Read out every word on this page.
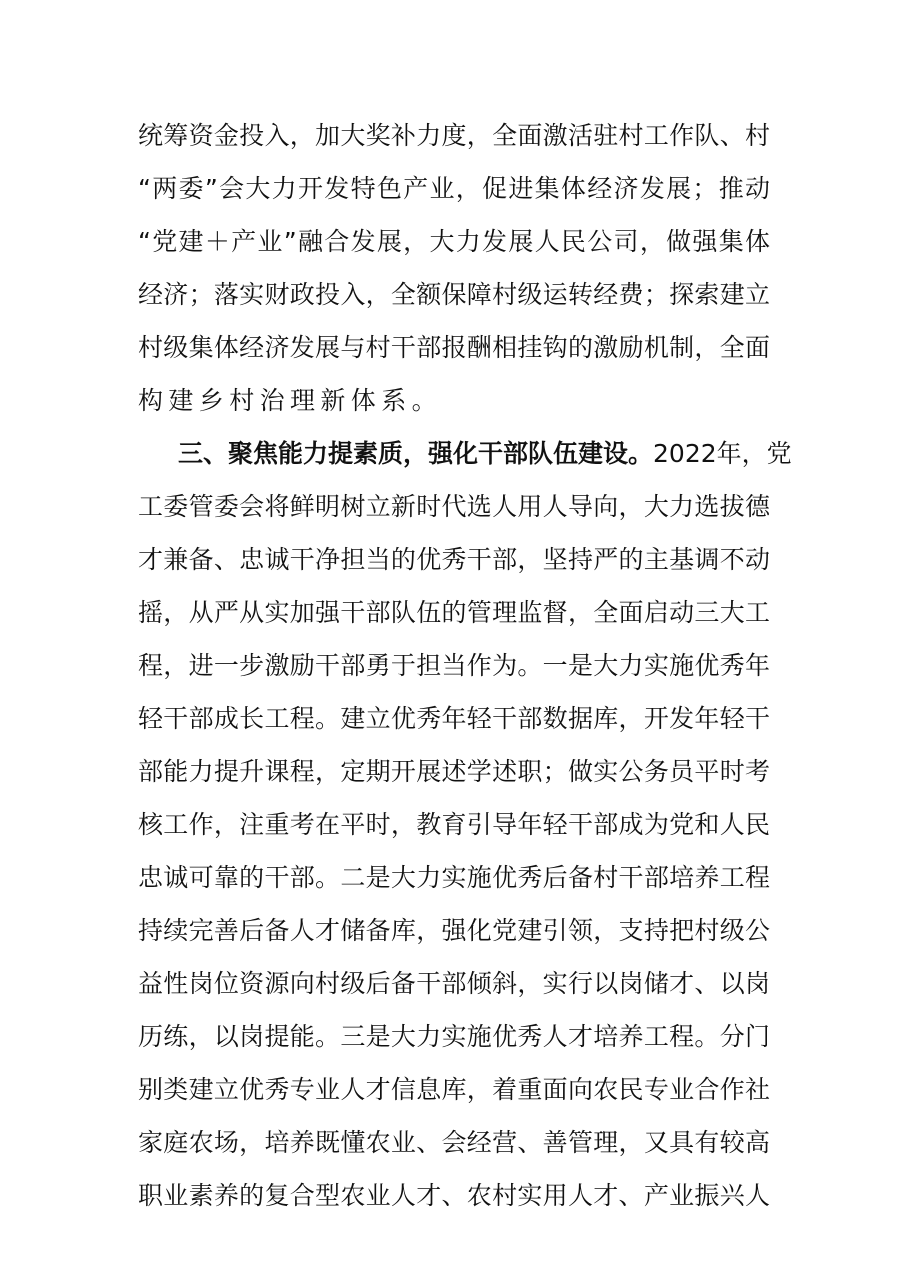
统筹资金投入，加大奖补力度，全面激活驻村工作队、村
“两委”会大力开发特色产业，促进集体经济发展；推动
“党建＋产业”融合发展，大力发展人民公司，做强集体
经济；落实财政投入，全额保障村级运转经费；探索建立
村级集体经济发展与村干部报酬相挂钩的激励机制，全面
构建乡村治理新体系。
三、聚焦能力提素质，强化干部队伍建设。2022年，党
工委管委会将鲜明树立新时代选人用人导向，大力选拔德
才兼备、忠诚干净担当的优秀干部，坚持严的主基调不动
摇，从严从实加强干部队伍的管理监督，全面启动三大工
程，进一步激励干部勇于担当作为。一是大力实施优秀年
轻干部成长工程。建立优秀年轻干部数据库，开发年轻干
部能力提升课程，定期开展述学述职；做实公务员平时考
核工作，注重考在平时，教育引导年轻干部成为党和人民
忠诚可靠的干部。二是大力实施优秀后备村干部培养工程
持续完善后备人才储备库，强化党建引领，支持把村级公
益性岗位资源向村级后备干部倾斜，实行以岗储才、以岗
历练，以岗提能。三是大力实施优秀人才培养工程。分门
别类建立优秀专业人才信息库，着重面向农民专业合作社
家庭农场，培养既懂农业、会经营、善管理，又具有较高
职业素养的复合型农业人才、农村实用人才、产业振兴人
